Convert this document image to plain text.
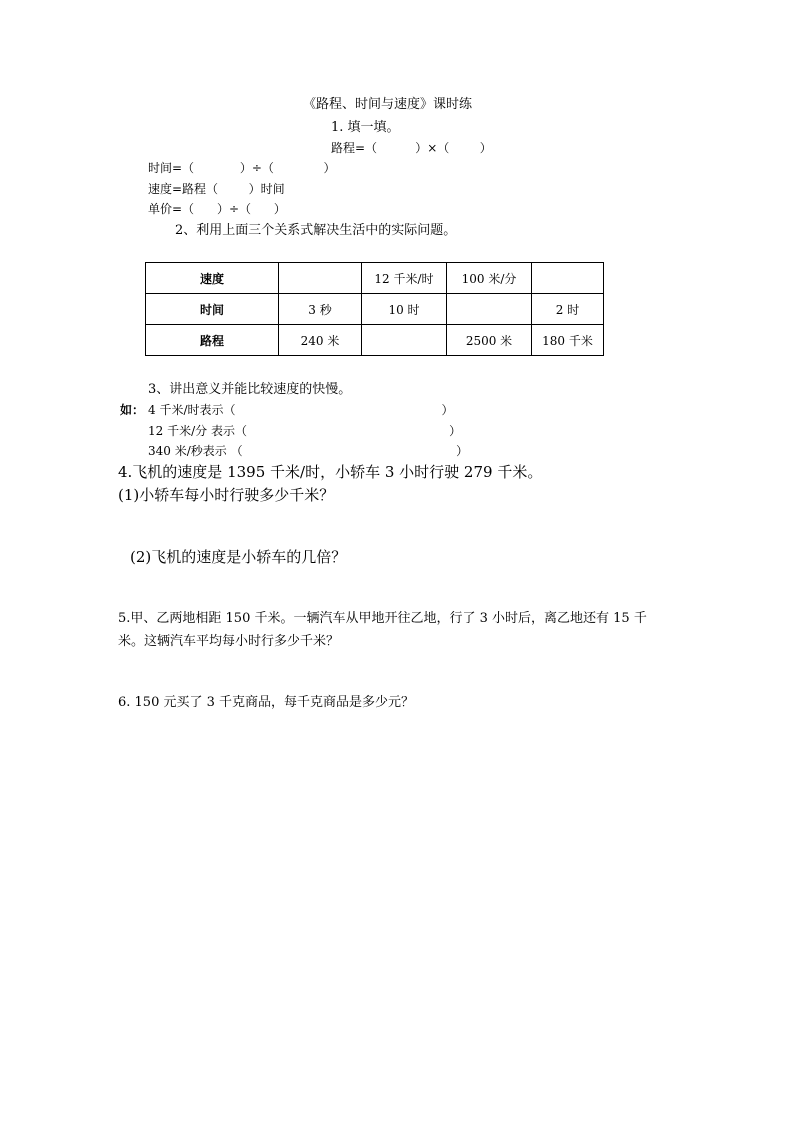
《路程、时间与速度》课时练
1. 填一填。
路程=（          ）×（        ）
时间=（            ）÷（             ）
速度=路程（        ）时间
单价=（      ）÷（      ）
2、利用上面三个关系式解决生活中的实际问题。
速度		12 千米/时	100 米/分	
时间	3 秒	10 时		2 时
路程	240 米		2500 米	180 千米
3、讲出意义并能比较速度的快慢。
如： 4 千米/时表示（                                                      ）
12 千米/分 表示（                                                     ）
340 米/秒表示 （                                                        ）
4.飞机的速度是 1395 千米/时，小轿车 3 小时行驶 279 千米。
(1)小轿车每小时行驶多少千米？
(2)飞机的速度是小轿车的几倍？
5.甲、乙两地相距 150 千米。一辆汽车从甲地开往乙地，行了 3 小时后，离乙地还有 15 千
米。这辆汽车平均每小时行多少千米？
6. 150 元买了 3 千克商品，每千克商品是多少元？
